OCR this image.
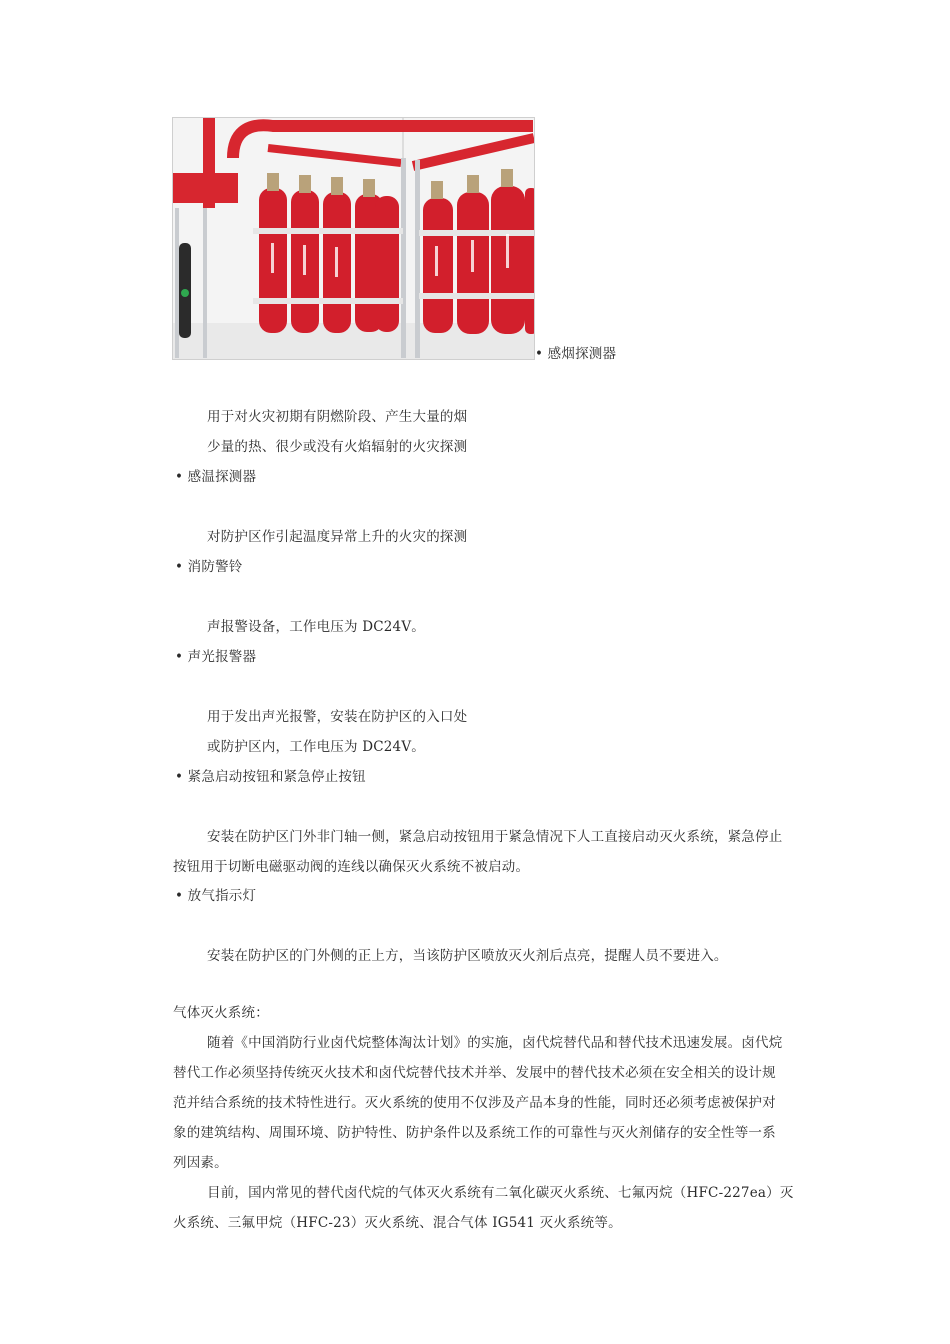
• 感烟探测器
用于对火灾初期有阴燃阶段、产生大量的烟
少量的热、很少或没有火焰辐射的火灾探测
• 感温探测器
对防护区作引起温度异常上升的火灾的探测
• 消防警铃
声报警设备，工作电压为 DC24V。
• 声光报警器
用于发出声光报警，安装在防护区的入口处
或防护区内，工作电压为 DC24V。
• 紧急启动按钮和紧急停止按钮
安装在防护区门外非门轴一侧，紧急启动按钮用于紧急情况下人工直接启动灭火系统，紧急停止
按钮用于切断电磁驱动阀的连线以确保灭火系统不被启动。
• 放气指示灯
安装在防护区的门外侧的正上方，当该防护区喷放灭火剂后点亮，提醒人员不要进入。
气体灭火系统：
随着《中国消防行业卤代烷整体淘汰计划》的实施，卤代烷替代品和替代技术迅速发展。卤代烷
替代工作必须坚持传统灭火技术和卤代烷替代技术并举、发展中的替代技术必须在安全相关的设计规
范并结合系统的技术特性进行。灭火系统的使用不仅涉及产品本身的性能，同时还必须考虑被保护对
象的建筑结构、周围环境、防护特性、防护条件以及系统工作的可靠性与灭火剂储存的安全性等一系
列因素。
目前，国内常见的替代卤代烷的气体灭火系统有二氧化碳灭火系统、七氟丙烷（HFC-227ea）灭
火系统、三氟甲烷（HFC-23）灭火系统、混合气体 IG541 灭火系统等。
